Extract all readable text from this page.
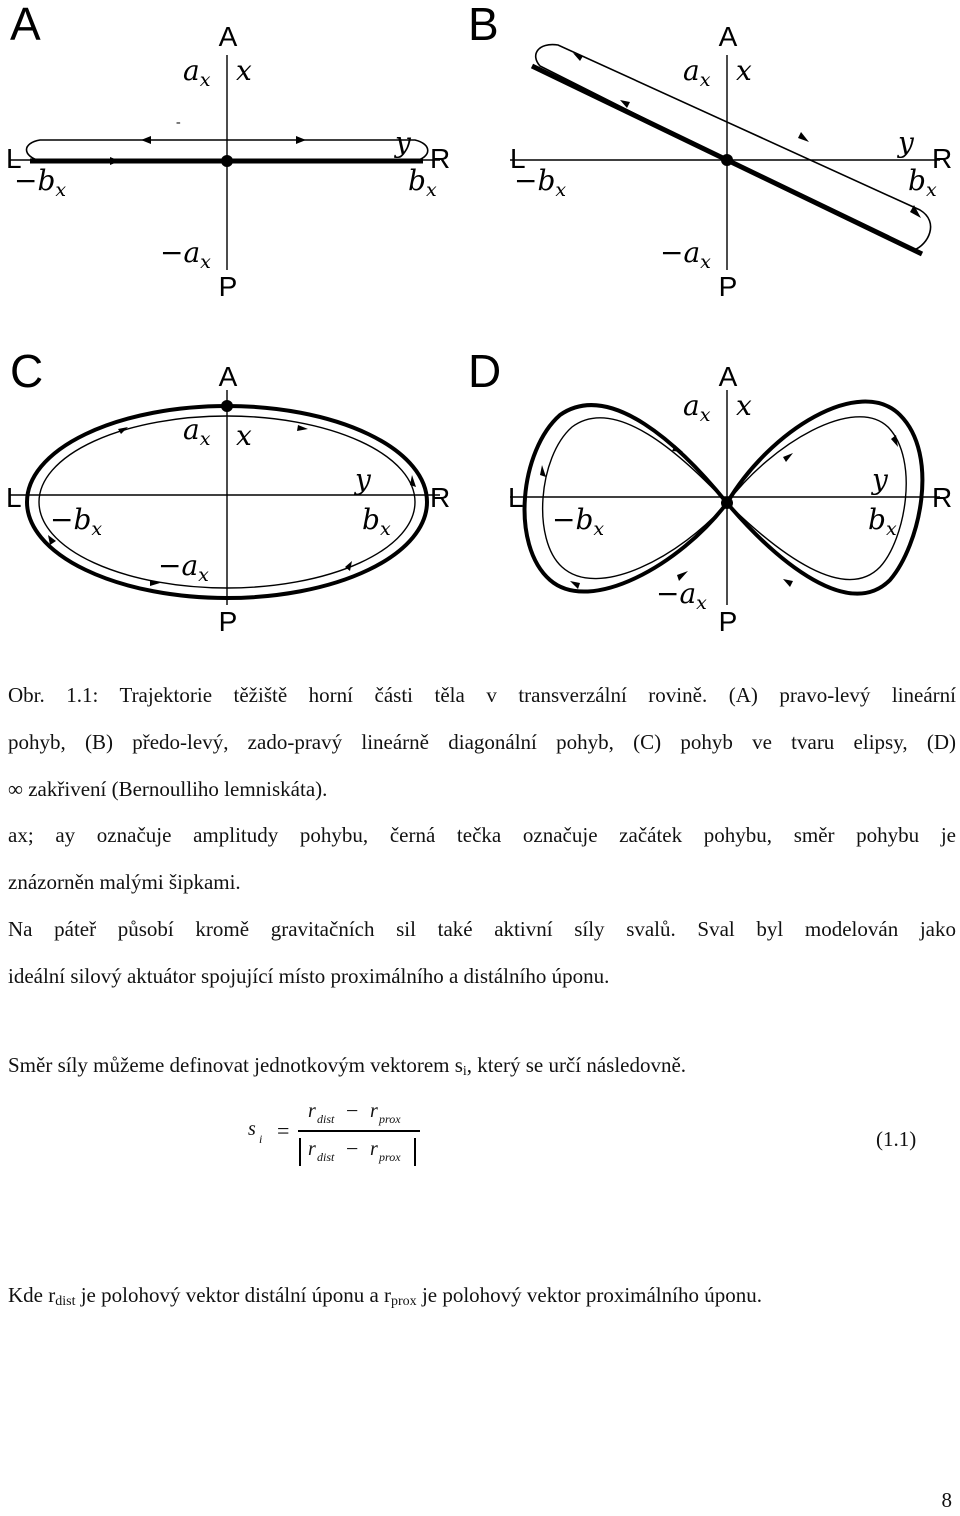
A
-
A
P
L	R
$a_x$ x
y
$b_x$
$-b_x$
$-a_x$
B	A
P
L	R
$a_x$ x
y
$b_x$
$-b_x$
$-a_x$
C	A
P
L	R
$a_x$ x
y
$b_x$
$-b_x$
$-a_x$
D	A
P
L	R
$a_x$ x
y
$b_x$
$-b_x$
$-a_x$
Obr. 1.1: Trajektorie těžiště horní části těla v transverzální rovině. (A) pravo-levý lineární
pohyb, (B) předo-levý, zado-pravý lineárně diagonální pohyb, (C) pohyb ve tvaru elipsy, (D)
∞ zakřivení (Bernoulliho lemniskáta).
ax; ay označuje amplitudy pohybu, černá tečka označuje začátek pohybu, směr pohybu je
znázorněn malými šipkami.
Na páteř působí kromě gravitačních sil také aktivní síly svalů. Sval byl modelován jako
ideální silový aktuátor spojující místo proximálního a distálního úponu.
Směr síly můžeme definovat jednotkovým vektorem $s_i$, který se určí následovně.
s i =
r dist − r prox
r dist − r prox
(1.1)
Kde $r_{dist}$ je polohový vektor distální úponu a $r_{prox}$ je polohový vektor proximálního úponu.
8
